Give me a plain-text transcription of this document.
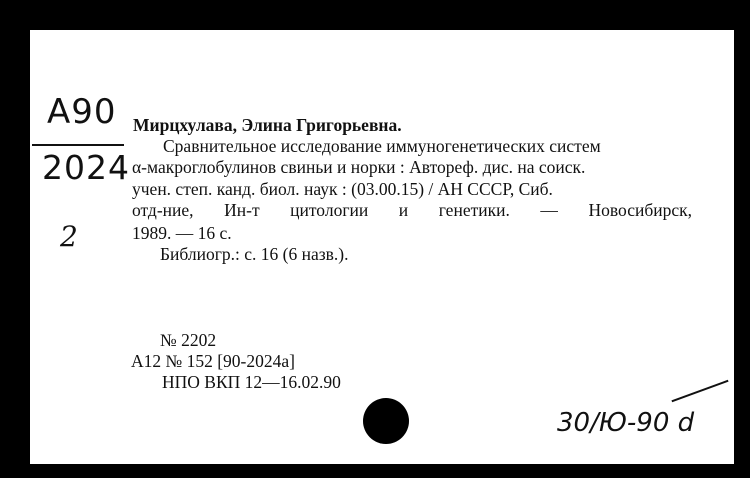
A90
2024
2
Мирцхулава, Элина Григорьевна.
Сравнительное исследование иммуногенетических систем
α-макроглобулинов свиньи и норки : Автореф. дис. на соиск.
учен. степ. канд. биол. наук : (03.00.15) / АН СССР, Сиб.
отд-ние, Ин-т цитологии и генетики. — Новосибирск,
1989. — 16 с.
Библиогр.: с. 16 (6 назв.).
№ 2202
А12 № 152 [90-2024а]
НПО ВКП 12—16.02.90
30/Ю-90 d
